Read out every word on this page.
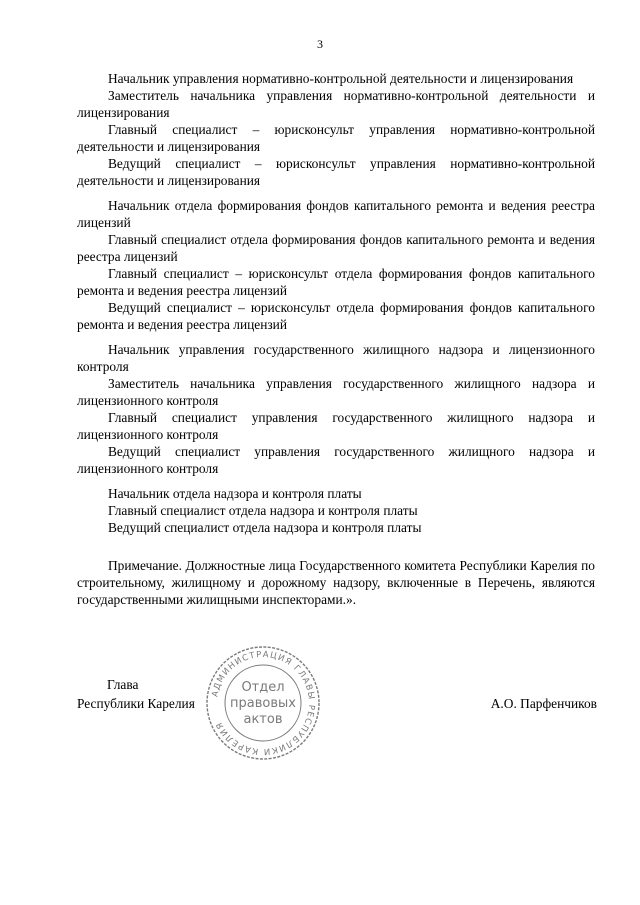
3

Начальник управления нормативно-контрольной деятельности и лицензирования

Заместитель начальника управления нормативно-контрольной деятельности и лицензирования

Главный специалист – юрисконсульт управления нормативно-контрольной деятельности и лицензирования

Ведущий специалист – юрисконсульт управления нормативно-контрольной деятельности и лицензирования

Начальник отдела формирования фондов капитального ремонта и ведения реестра лицензий

Главный специалист отдела формирования фондов капитального ремонта и ведения реестра лицензий

Главный специалист – юрисконсульт отдела формирования фондов капитального ремонта и ведения реестра лицензий

Ведущий специалист – юрисконсульт отдела формирования фондов капитального ремонта и ведения реестра лицензий

Начальник управления государственного жилищного надзора и лицензионного контроля

Заместитель начальника управления государственного жилищного надзора и лицензионного контроля

Главный специалист управления государственного жилищного надзора и лицензионного контроля

Ведущий специалист управления государственного жилищного надзора и лицензионного контроля

Начальник отдела надзора и контроля платы

Главный специалист отдела надзора и контроля платы

Ведущий специалист отдела надзора и контроля платы

Примечание. Должностные лица Государственного комитета Республики Карелия по строительному, жилищному и дорожному надзору, включенные в Перечень, являются государственными жилищными инспекторами.».

Глава
Республики Карелия	А.О. Парфенчиков
АДМИНИСТРАЦИЯ ГЛАВЫ РЕСПУБЛИКИ КАРЕЛИЯ
Отдел
правовых
актов
